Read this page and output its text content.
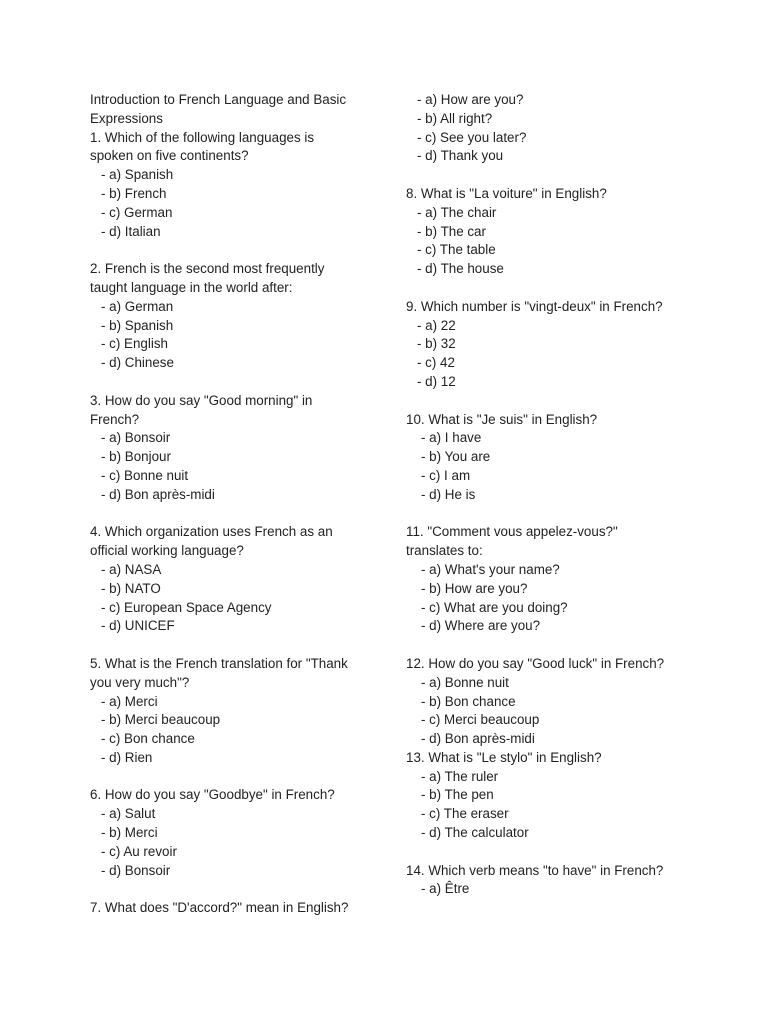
Introduction to French Language and Basic
Expressions
1. Which of the following languages is
spoken on five continents?
- a) Spanish
- b) French
- c) German
- d) Italian
2. French is the second most frequently
taught language in the world after:
- a) German
- b) Spanish
- c) English
- d) Chinese
3. How do you say "Good morning" in
French?
- a) Bonsoir
- b) Bonjour
- c) Bonne nuit
- d) Bon après-midi
4. Which organization uses French as an
official working language?
- a) NASA
- b) NATO
- c) European Space Agency
- d) UNICEF
5. What is the French translation for "Thank
you very much"?
- a) Merci
- b) Merci beaucoup
- c) Bon chance
- d) Rien
6. How do you say "Goodbye" in French?
- a) Salut
- b) Merci
- c) Au revoir
- d) Bonsoir
7. What does "D'accord?" mean in English?
- a) How are you?
- b) All right?
- c) See you later?
- d) Thank you
8. What is "La voiture" in English?
- a) The chair
- b) The car
- c) The table
- d) The house
9. Which number is "vingt-deux" in French?
- a) 22
- b) 32
- c) 42
- d) 12
10. What is "Je suis" in English?
- a) I have
- b) You are
- c) I am
- d) He is
11. "Comment vous appelez-vous?"
translates to:
- a) What's your name?
- b) How are you?
- c) What are you doing?
- d) Where are you?
12. How do you say "Good luck" in French?
- a) Bonne nuit
- b) Bon chance
- c) Merci beaucoup
- d) Bon après-midi
13. What is "Le stylo" in English?
- a) The ruler
- b) The pen
- c) The eraser
- d) The calculator
14. Which verb means "to have" in French?
- a) Être
